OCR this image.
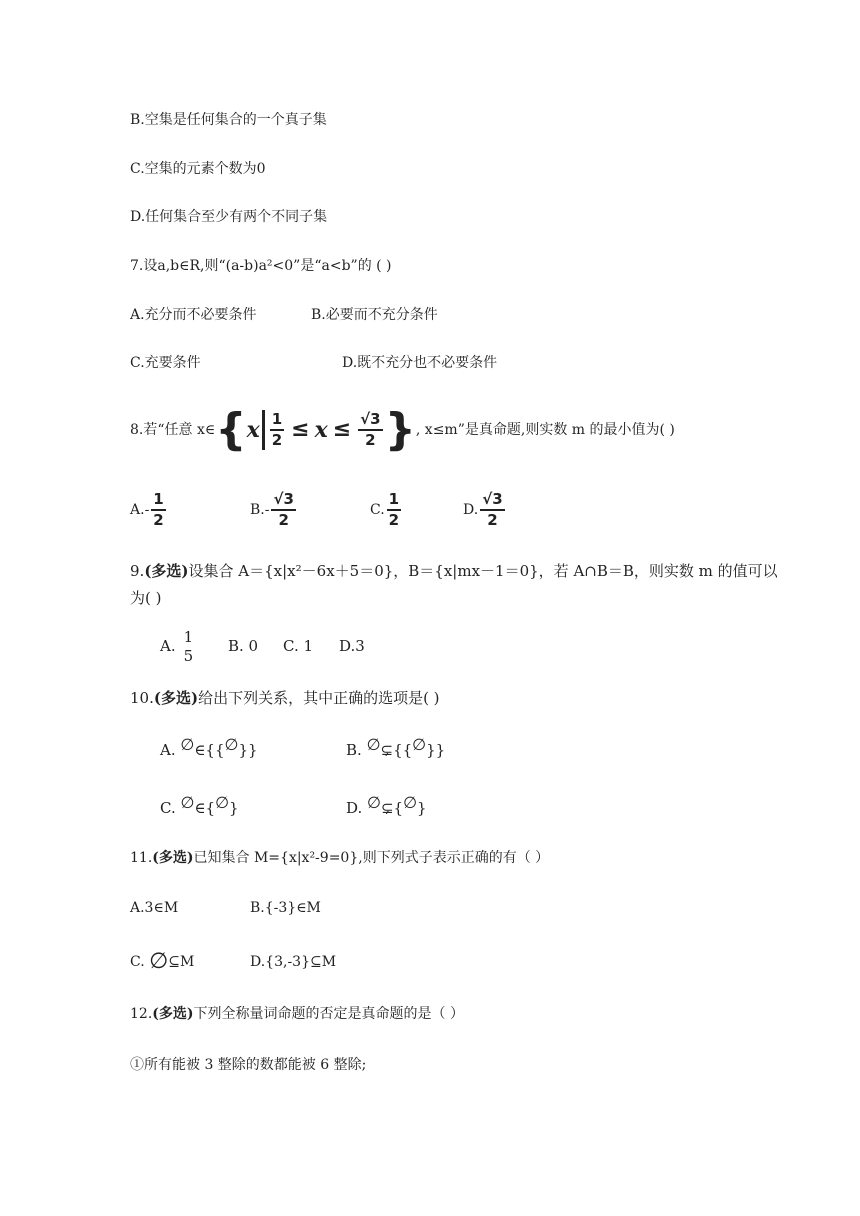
B.空集是任何集合的一个真子集
C.空集的元素个数为0
D.任何集合至少有两个不同子集
7.设a,b∈R,则“(a-b)a²<0”是“a<b”的 ( )
A.充分而不必要条件	B.必要而不充分条件
C.充要条件	D.既不充分也不必要条件
8.若“任意 x∈{x $\frac{1}{2} \le x \le \frac{√3}{2}$ }, x≤m”是真命题,则实数 m 的最小值为( )
$A.- \frac{1}{2}$	$B.- \frac{√3}{2}$	C. $\frac{1}{2}$	D. $\frac{√3}{2}$
9.(多选)设集合 A＝{x|x²－6x＋5＝0}，B＝{x|mx－1＝0}，若 A∩B＝B，则实数 m 的值可以
为( )
A.
1
5
B. 0 C. 1 D.3
10.(多选)给出下列关系，其中正确的选项是( )
A. ∅∈{{∅}}	B. ∅⊊{{∅}}
C. ∅∈{∅}	D. ∅⊊{∅}
11.(多选)已知集合 M={x|x²-9=0},则下列式子表示正确的有（ ）
A.3∈M	B.{-3}∈M
C. ∅⊆M	D.{3,-3}⊆M
12.(多选)下列全称量词命题的否定是真命题的是（ ）
①所有能被 3 整除的数都能被 6 整除;
